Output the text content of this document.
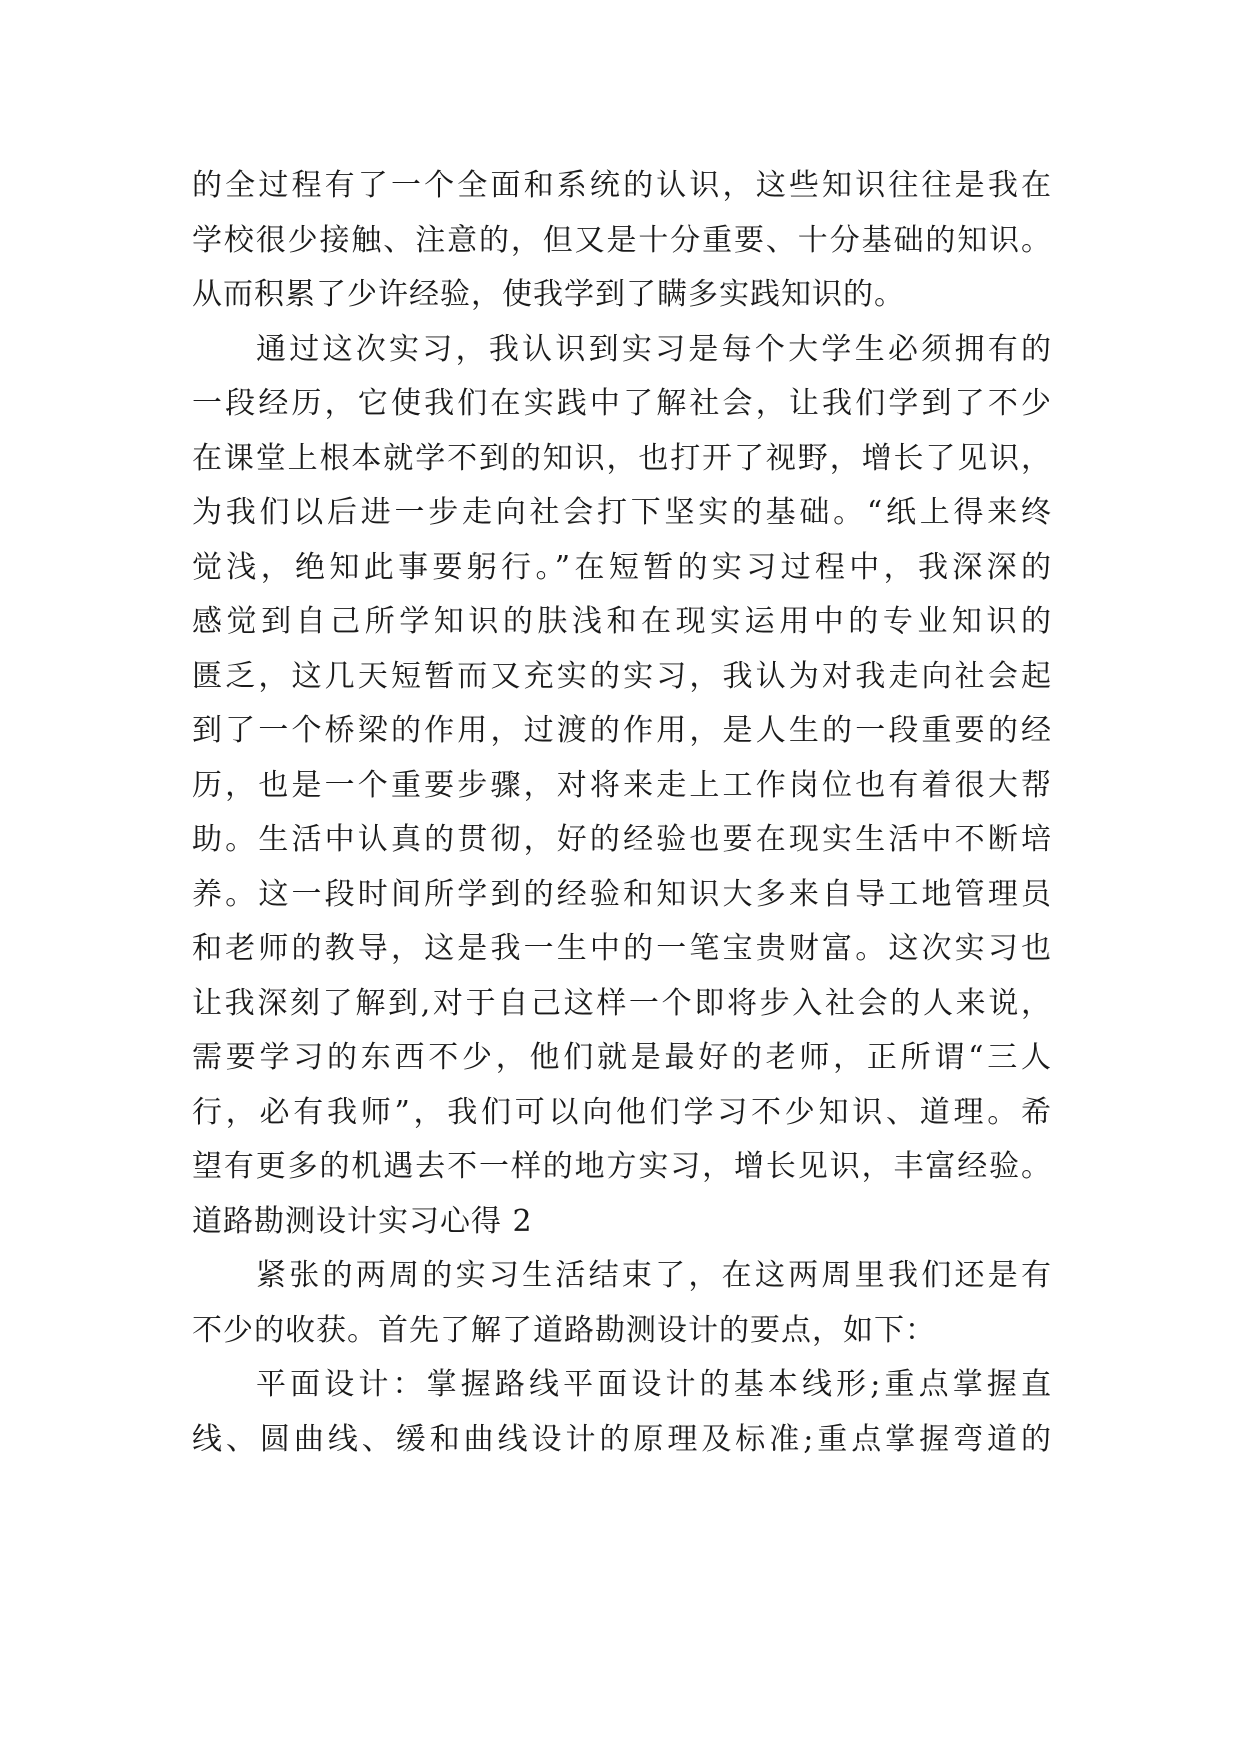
的全过程有了一个全面和系统的认识，这些知识往往是我在
学校很少接触、注意的，但又是十分重要、十分基础的知识。
从而积累了少许经验，使我学到了瞒多实践知识的。
通过这次实习，我认识到实习是每个大学生必须拥有的
一段经历，它使我们在实践中了解社会，让我们学到了不少
在课堂上根本就学不到的知识，也打开了视野，增长了见识，
为我们以后进一步走向社会打下坚实的基础。“纸上得来终
觉浅，绝知此事要躬行。”在短暂的实习过程中，我深深的
感觉到自己所学知识的肤浅和在现实运用中的专业知识的
匮乏，这几天短暂而又充实的实习，我认为对我走向社会起
到了一个桥梁的作用，过渡的作用，是人生的一段重要的经
历，也是一个重要步骤，对将来走上工作岗位也有着很大帮
助。生活中认真的贯彻，好的经验也要在现实生活中不断培
养。这一段时间所学到的经验和知识大多来自导工地管理员
和老师的教导，这是我一生中的一笔宝贵财富。这次实习也
让我深刻了解到,对于自己这样一个即将步入社会的人来说，
需要学习的东西不少，他们就是最好的老师，正所谓“三人
行，必有我师”，我们可以向他们学习不少知识、道理。希
望有更多的机遇去不一样的地方实习，增长见识，丰富经验。
道路勘测设计实习心得 2
紧张的两周的实习生活结束了，在这两周里我们还是有
不少的收获。首先了解了道路勘测设计的要点，如下：
平面设计：掌握路线平面设计的基本线形;重点掌握直
线、圆曲线、缓和曲线设计的原理及标准;重点掌握弯道的
